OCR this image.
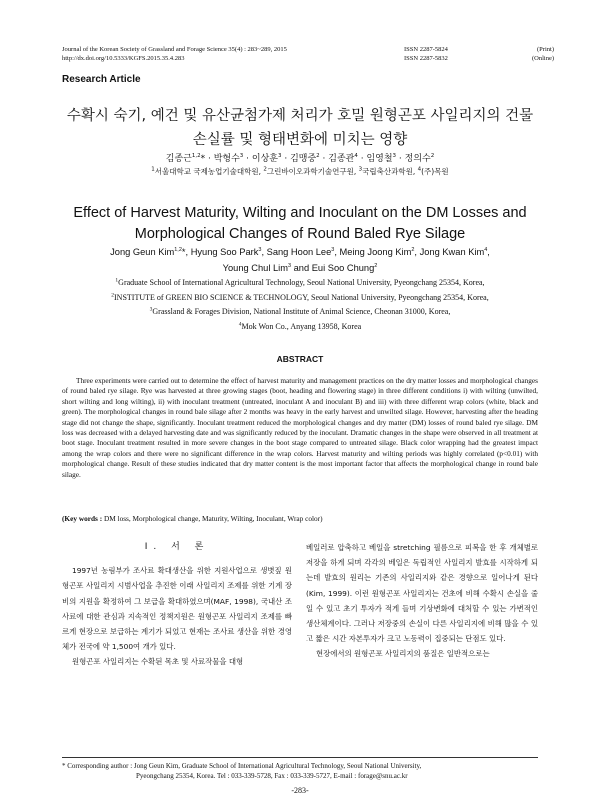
Journal of the Korean Society of Grassland and Forage Science 35(4) : 283~289, 2015
http://dx.doi.org/10.5333/KGFS.2015.35.4.283
ISSN 2287-5824	(Print)
ISSN 2287-5832	(Online)
Research Article
수확시 숙기, 예건 및 유산균첨가제 처리가 호밀 원형곤포 사일리지의 건물
손실률 및 형태변화에 미치는 영향
김종근$^{1,2}$* · 박형수$^3$ · 이상훈$^3$ · 김맹중$^2$ · 김종관$^4$ · 임영철$^3$ · 정의수$^2$
$^1$서울대학교 국제농업기술대학원, $^2$그린바이오과학기술연구원, $^3$국립축산과학원, $^4$(주)목원
Effect of Harvest Maturity, Wilting and Inoculant on the DM Losses and
Morphological Changes of Round Baled Rye Silage
Jong Geun Kim$^{1,2}$*, Hyung Soo Park$^3$, Sang Hoon Lee$^3$, Meing Joong Kim$^2$, Jong Kwan Kim$^4$,
Young Chul Lim$^3$ and Eui Soo Chung$^2$
$^1$Graduate School of International Agricultural Technology, Seoul National University, Pyeongchang 25354, Korea,
$^2$INSTITUTE of GREEN BIO SCIENCE & TECHNOLOGY, Seoul National University, Pyeongchang 25354, Korea,
$^3$Grassland & Forages Division, National Institute of Animal Science, Cheonan 31000, Korea,
$^4$Mok Won Co., Anyang 13958, Korea
ABSTRACT

Three experiments were carried out to determine the effect of harvest maturity and management practices on the dry matter losses and morphological changes of round baled rye silage. Rye was harvested at three growing stages (boot, heading and flowering stage) in three different conditions i) with wilting (unwilted, short wilting and long wilting), ii) with inoculant treatment (untreated, inoculant A and inoculant B) and iii) with three different wrap colors (white, black and green). The morphological changes in round bale silage after 2 months was heavy in the early harvest and unwilted silage. However, harvesting after the heading stage did not change the shape, significantly. Inoculant treatment reduced the morphological changes and dry matter (DM) losses of round baled rye silage. DM loss was decreased with a delayed harvesting date and was significantly reduced by the inoculant. Dramatic changes in the shape were observed in all treatment at boot stage. Inoculant treatment resulted in more severe changes in the boot stage compared to untreated silage. Black color wrapping had the greatest impact among the wrap colors and there were no significant difference in the wrap colors. Harvest maturity and wilting periods was highly correlated (p<0.01) with morphological change. Result of these studies indicated that dry matter content is the most important factor that affects the morphological change in round bale silage.

(Key words : DM loss, Morphological change, Maturity, Wilting, Inoculant, Wrap color)
Ⅰ. 서 론

1997년 농림부가 조사료 확대생산을 위한 지원사업으로 생볏짚 원형곤포 사일리지 시범사업을 추진한 이래 사일리지 조제를 위한 기계 장비의 지원을 확정하여 그 보급을 확대하였으며(MAF, 1998), 국내산 조사료에 대한 관심과 지속적인 정책지원은 원형곤포 사일리지 조제를 빠르게 현장으로 보급하는 계기가 되었고 현재는 조사료 생산을 위한 경영체가 전국에 약 1,500여 개가 있다.

원형곤포 사일리지는 수확된 목초 및 사료작물을 대형

베일러로 압축하고 베일을 stretching 필름으로 피복을 한 후 개체별로 저장을 하게 되며 각각의 베일은 독립적인 사일리지 발효를 시작하게 되는데 발효의 원리는 기존의 사일리지와 같은 경향으로 일어나게 된다(Kim, 1999). 이런 원형곤포 사일리지는 건초에 비해 수확시 손실을 줄일 수 있고 초기 투자가 적게 들며 기상변화에 대처할 수 있는 가변적인 생산체계이다. 그러나 저장중의 손실이 다른 사일리지에 비해 많을 수 있고 짧은 시간 자본투자가 크고 노동력이 집중되는 단점도 있다.

현장에서의 원형곤포 사일리지의 품질은 일반적으로는

* Corresponding author : Jong Geun Kim, Graduate School of International Agricultural Technology, Seoul National University,
Pyeongchang 25354, Korea. Tel : 033-339-5728, Fax : 033-339-5727, E-mail : forage@snu.ac.kr
-283-
